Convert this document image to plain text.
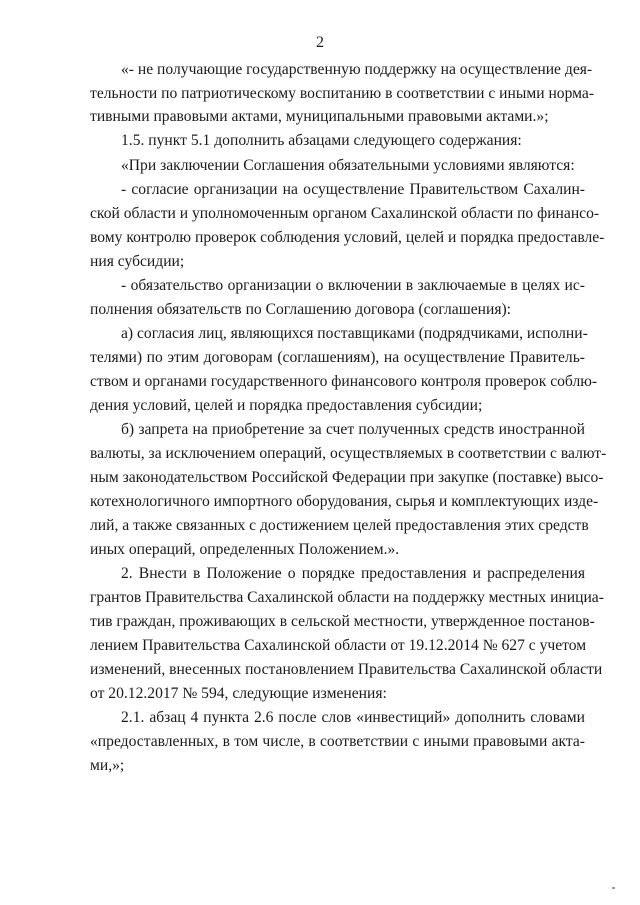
2
«- не получающие государственную поддержку на осуществление дея-
тельности по патриотическому воспитанию в соответствии с иными норма-
тивными правовыми актами, муниципальными правовыми актами.»;
1.5. пункт 5.1 дополнить абзацами следующего содержания:
«При заключении Соглашения обязательными условиями являются:
- согласие организации на осуществление Правительством Сахалин-
ской области и уполномоченным органом Сахалинской области по финансо-
вому контролю проверок соблюдения условий, целей и порядка предоставле-
ния субсидии;
- обязательство организации о включении в заключаемые в целях ис-
полнения обязательств по Соглашению договора (соглашения):
а) согласия лиц, являющихся поставщиками (подрядчиками, исполни-
телями) по этим договорам (соглашениям), на осуществление Правитель-
ством и органами государственного финансового контроля проверок соблю-
дения условий, целей и порядка предоставления субсидии;
б) запрета на приобретение за счет полученных средств иностранной
валюты, за исключением операций, осуществляемых в соответствии с валют-
ным законодательством Российской Федерации при закупке (поставке) высо-
котехнологичного импортного оборудования, сырья и комплектующих изде-
лий, а также связанных с достижением целей предоставления этих средств
иных операций, определенных Положением.».
2. Внести в Положение о порядке предоставления и распределения
грантов Правительства Сахалинской области на поддержку местных инициа-
тив граждан, проживающих в сельской местности, утвержденное постанов-
лением Правительства Сахалинской области от 19.12.2014 № 627 с учетом
изменений, внесенных постановлением Правительства Сахалинской области
от 20.12.2017 № 594, следующие изменения:
2.1. абзац 4 пункта 2.6 после слов «инвестиций» дополнить словами
«предоставленных, в том числе, в соответствии с иными правовыми акта-
ми,»;
